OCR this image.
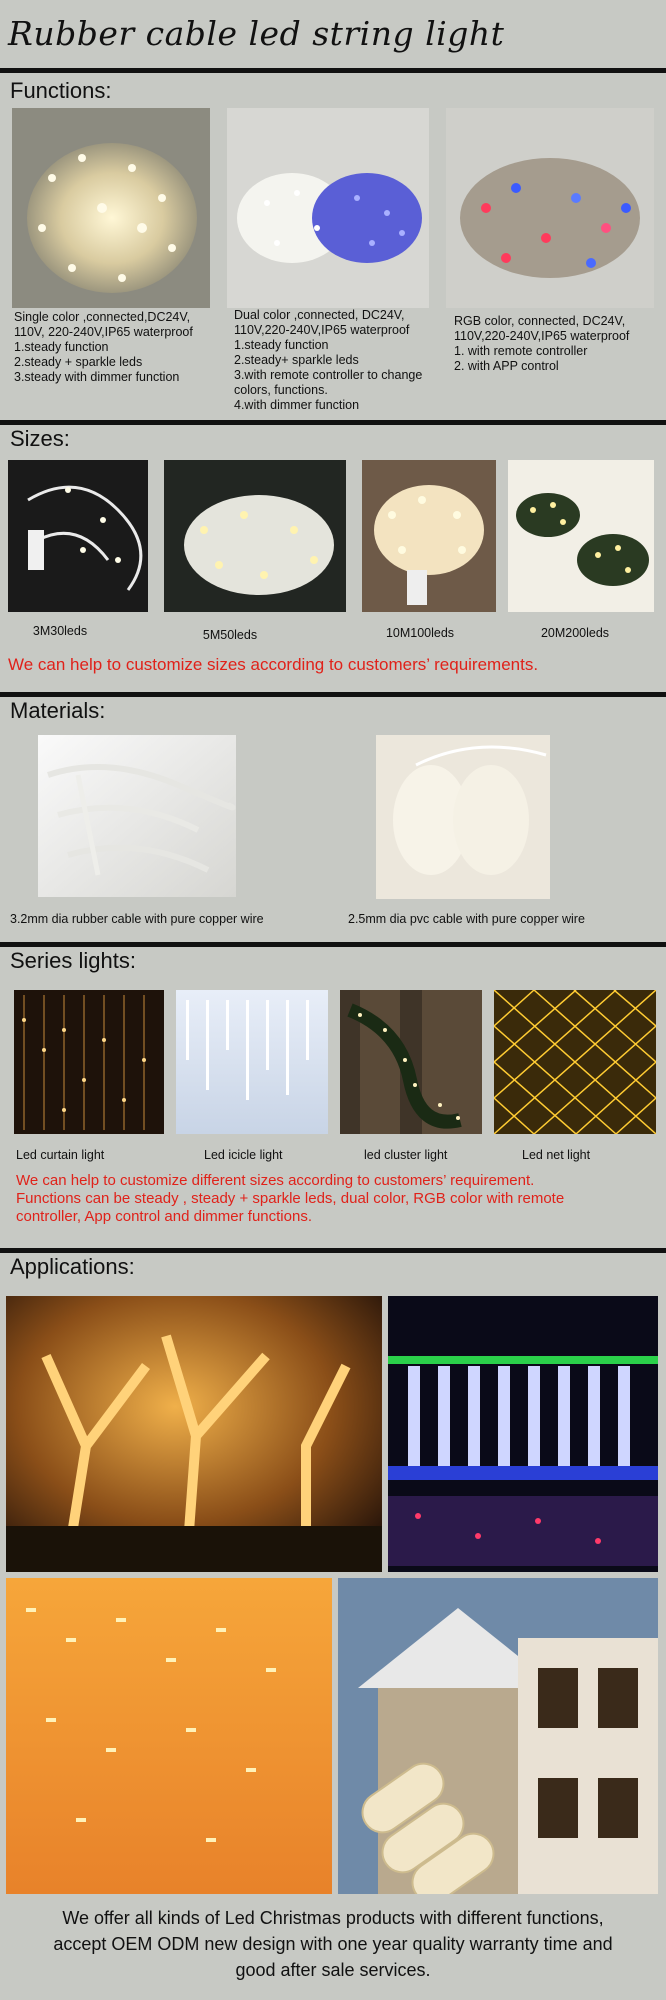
Rubber cable led string light
Functions:
Single color ,connected,DC24V,
110V, 220-240V,IP65 waterproof
1.steady function
2.steady + sparkle leds
3.steady with dimmer function
Dual color ,connected, DC24V,
110V,220-240V,IP65 waterproof
1.steady function
2.steady+ sparkle leds
3.with remote controller to change
colors, functions.
4.with dimmer function
RGB color, connected, DC24V,
110V,220-240V,IP65 waterproof
1. with remote controller
2. with APP control
Sizes:
3M30leds	5M50leds	10M100leds	20M200leds
We can help to customize sizes according to customers’ requirements.
Materials:
3.2mm dia rubber cable with pure copper wire	2.5mm dia pvc cable with pure copper wire
Series lights:
Led curtain light	Led icicle light	led cluster light	Led net light
We can help to customize different sizes according to customers’ requirement.
Functions can be steady , steady + sparkle leds, dual color, RGB color with remote
controller, App control and dimmer functions.
Applications:
We offer all kinds of Led Christmas products with different functions,
accept OEM ODM new design with one year quality warranty time and
good after sale services.
